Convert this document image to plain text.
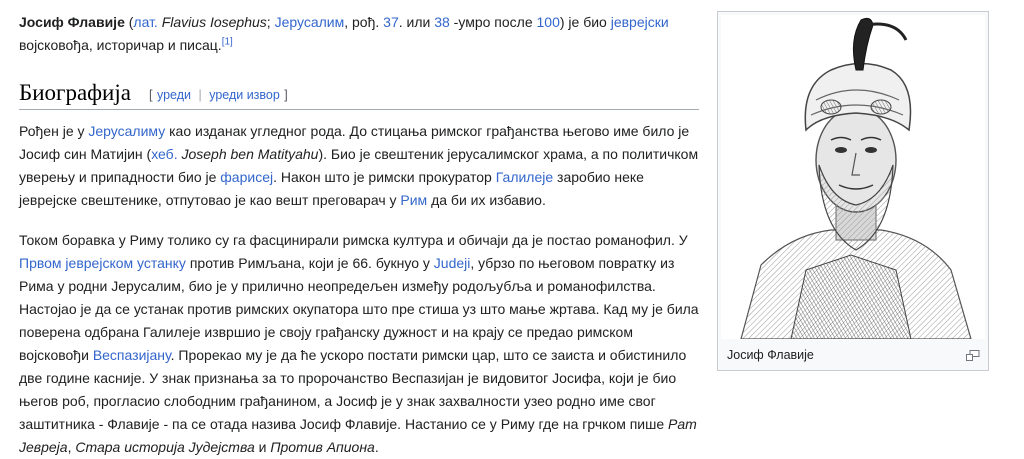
Јосиф Флавије (лат. Flavius Iosephus; Јерусалим, рођ. 37. или 38 -умро после 100) је био јеврејски војсковођа, историчар и писац.[1]

Биографија [ уреди | уреди извор ]

Рођен је у Јерусалиму као изданак угледног рода. До стицања римског грађанства његово име било је Јосиф син Матијин (хеб. Joseph ben Matityahu). Био је свештеник јерусалимског храма, а по политичком уверењу и припадности био је фарисеј. Након што је римски прокуратор Галилеје заробио неке јеврејске свештенике, отпутовао је као вешт преговарач у Рим да би их избавио.

Током боравка у Риму толико су га фасцинирали римска култура и обичаји да је постао романофил. У Првом јеврејском устанку против Римљана, који је 66. букнуо у Judeji, убрзо по његовом повратку из Рима у родни Јерусалим, био је у прилично неопредељен између родољубља и романофилства. Настојао је да се устанак против римских окупатора што пре стиша уз што мање жртава. Кад му је била поверена одбрана Галилеје извршио је своју грађанску дужност и на крају се предао римском војсковођи Веспазијану. Прорекао му је да ће ускоро постати римски цар, што се заиста и обистинило две године касније. У знак признања за то пророчанство Веспазијан је видовитог Јосифа, који је био његов роб, прогласио слободним грађанином, а Јосиф је у знак захвалности узео родно име свог заштитника - Флавије - па се отада назива Јосиф Флавије. Настанио се у Риму где на грчком пише Рат Јевреја, Стара историја Јудејства и Против Апиона.

Јосиф Флавије
